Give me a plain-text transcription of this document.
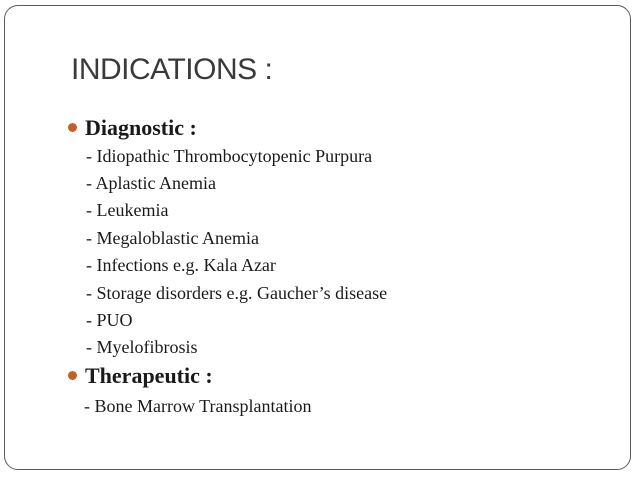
INDICATIONS :
Diagnostic :
- Idiopathic Thrombocytopenic Purpura
- Aplastic Anemia
- Leukemia
- Megaloblastic Anemia
- Infections e.g. Kala Azar
- Storage disorders e.g. Gaucher’s disease
- PUO
- Myelofibrosis
Therapeutic :
- Bone Marrow Transplantation
